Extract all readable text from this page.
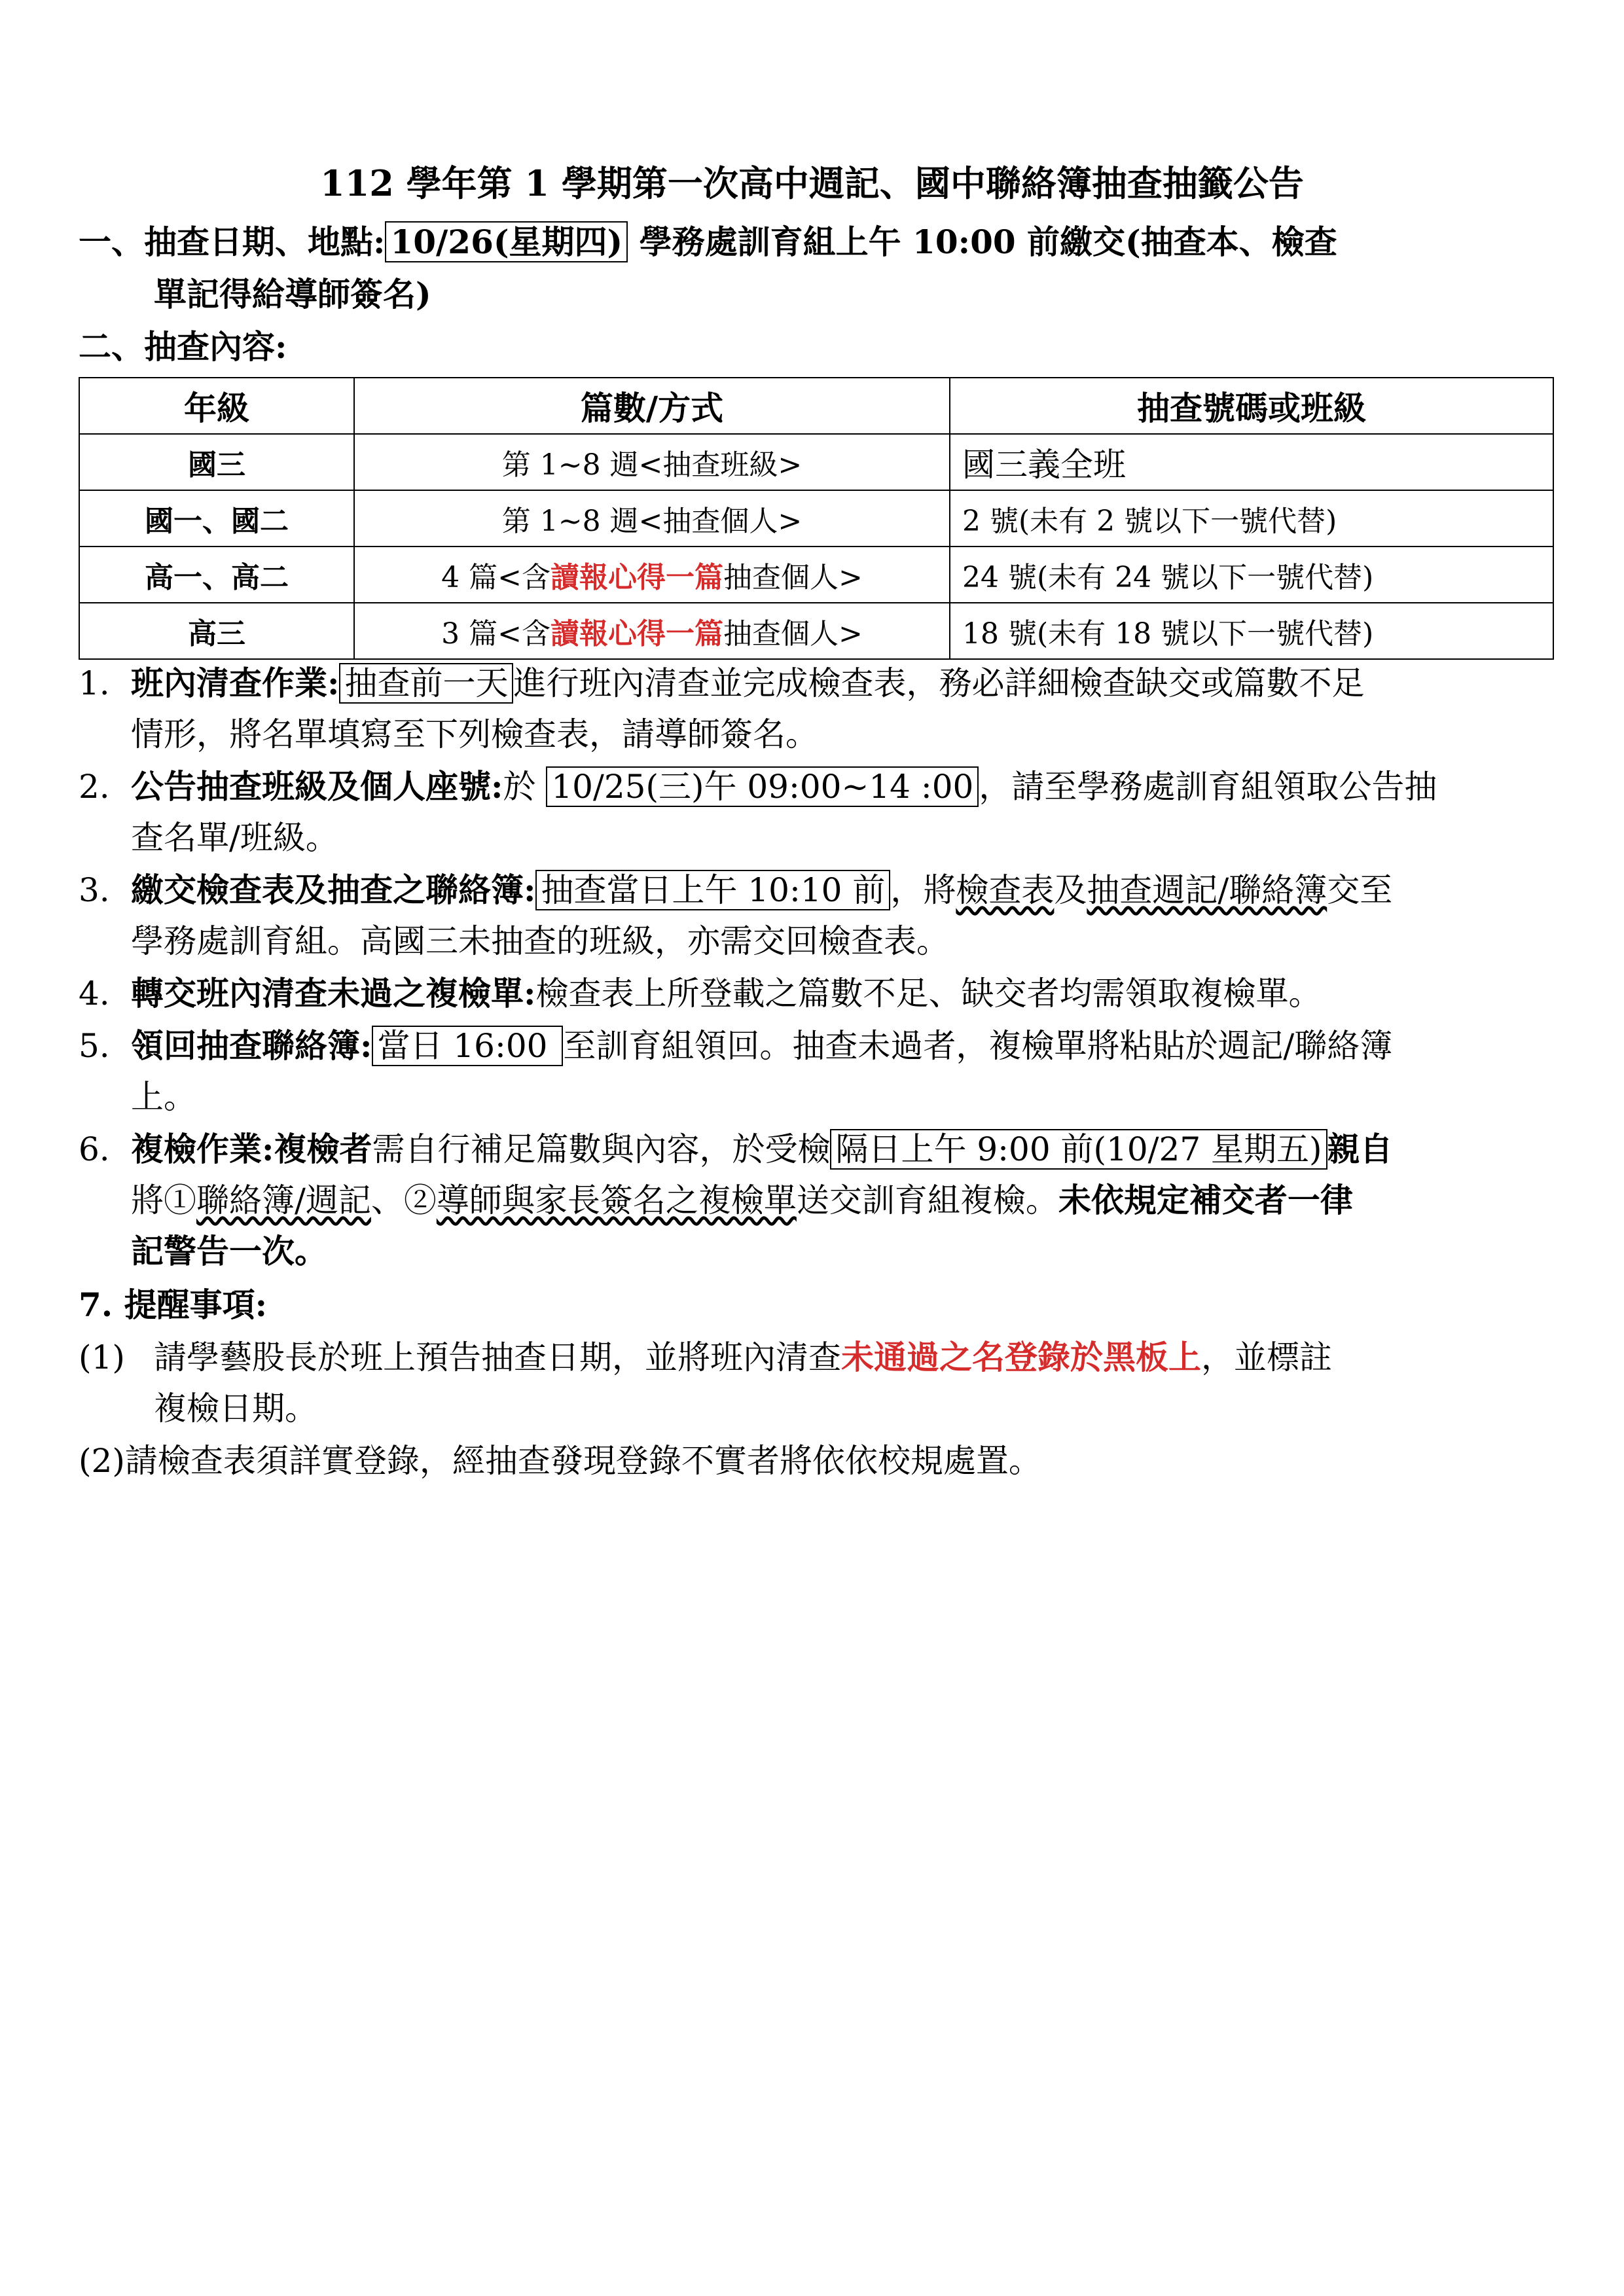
112 學年第 1 學期第一次高中週記、國中聯絡簿抽查抽籤公告
一、抽查日期、地點: 10/26(星期四) 學務處訓育組上午 10:00 前繳交(抽查本、檢查
單記得給導師簽名)
二、抽查內容:
年級	篇數/方式	抽查號碼或班級
國三	第 1~8 週<抽查班級>	國三義全班
國一、國二	第 1~8 週<抽查個人>	2 號(未有 2 號以下一號代替)
高一、高二	4 篇<含讀報心得一篇抽查個人>	24 號(未有 24 號以下一號代替)
高三	3 篇<含讀報心得一篇抽查個人>	18 號(未有 18 號以下一號代替)
1. 班內清查作業: 抽查前一天 進行班內清查並完成檢查表，務必詳細檢查缺交或篇數不足
情形，將名單填寫至下列檢查表，請導師簽名。
2. 公告抽查班級及個人座號:於 10/25(三)午 09:00~14 :00 ，請至學務處訓育組領取公告抽
查名單/班級。
3. 繳交檢查表及抽查之聯絡簿: 抽查當日上午 10:10 前 ，將檢查表及抽查週記/聯絡簿交至
學務處訓育組。高國三未抽查的班級，亦需交回檢查表。
4. 轉交班內清查未過之複檢單:檢查表上所登載之篇數不足、缺交者均需領取複檢單。
5. 領回抽查聯絡簿: 當日 16:00 至訓育組領回。抽查未過者，複檢單將粘貼於週記/聯絡簿
上。
6. 複檢作業:複檢者需自行補足篇數與內容，於受檢 隔日上午 9:00 前(10/27 星期五) 親自
將①聯絡簿/週記、②導師與家長簽名之複檢單送交訓育組複檢。未依規定補交者一律
記警告一次。
7. 提醒事項:
(1) 請學藝股長於班上預告抽查日期，並將班內清查未通過之名登錄於黑板上，並標註
複檢日期。
(2)請檢查表須詳實登錄，經抽查發現登錄不實者將依依校規處置。
